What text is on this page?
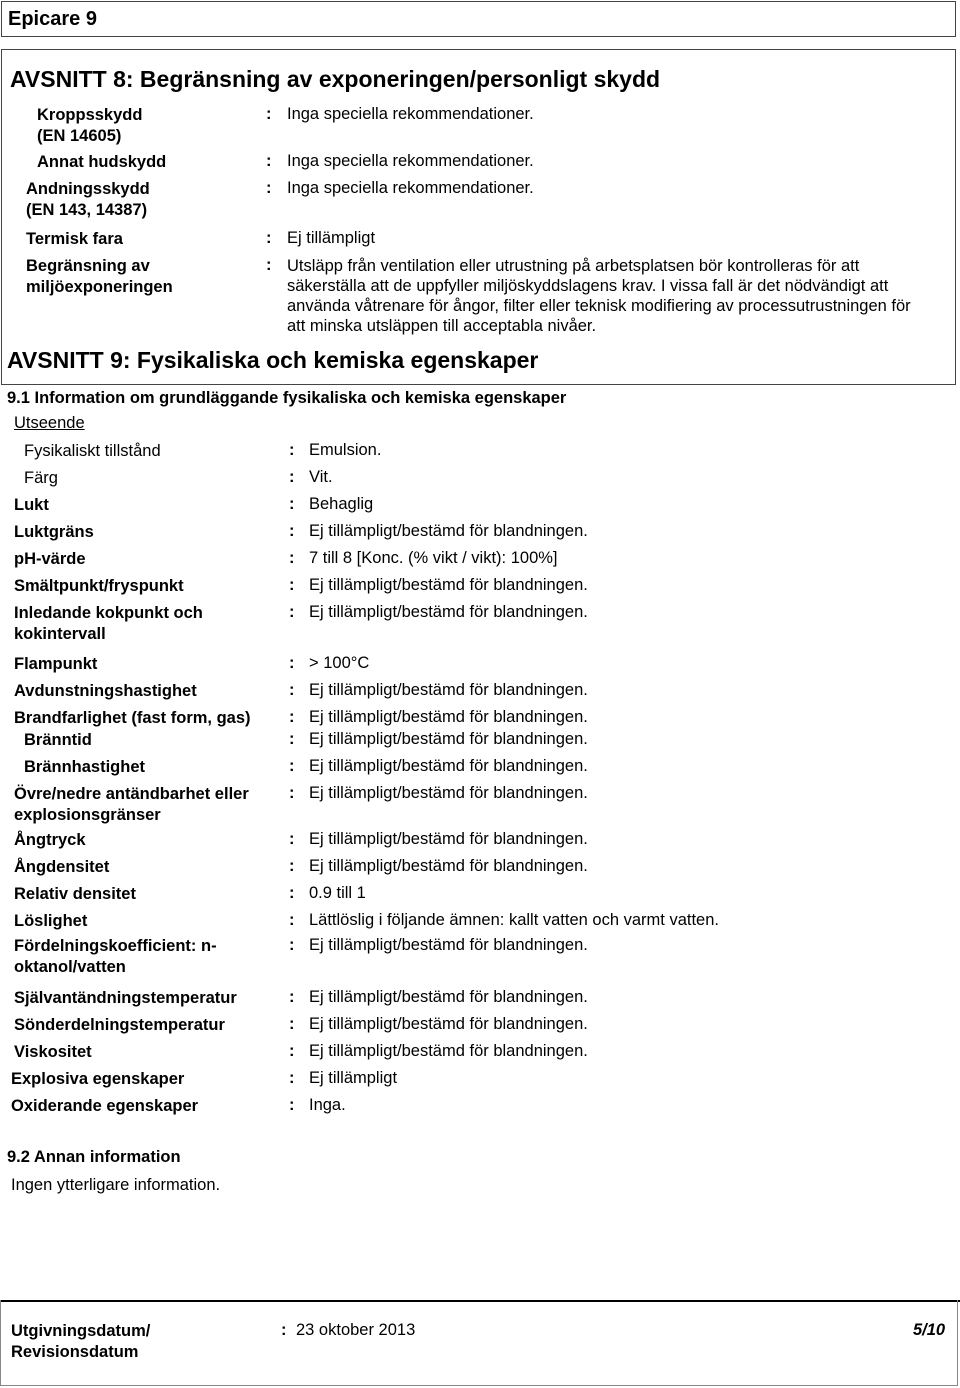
Epicare 9
AVSNITT 8: Begränsning av exponeringen/personligt skydd
Kroppsskydd
(EN 14605)
: Inga speciella rekommendationer.
Annat hudskydd	: Inga speciella rekommendationer.
Andningsskydd
(EN 143, 14387)
: Inga speciella rekommendationer.
Termisk fara	: Ej tillämpligt
Begränsning av
miljöexponeringen
: Utsläpp från ventilation eller utrustning på arbetsplatsen bör kontrolleras för att säkerställa att de uppfyller miljöskyddslagens krav. I vissa fall är det nödvändigt att använda våtrenare för ångor, filter eller teknisk modifiering av processutrustningen för att minska utsläppen till acceptabla nivåer.
AVSNITT 9: Fysikaliska och kemiska egenskaper
9.1 Information om grundläggande fysikaliska och kemiska egenskaper
Utseende
Fysikaliskt tillstånd	: Emulsion.
Färg	: Vit.
Lukt	: Behaglig
Luktgräns	: Ej tillämpligt/bestämd för blandningen.
pH-värde	: 7 till 8 [Konc. (% vikt / vikt): 100%]
Smältpunkt/fryspunkt	: Ej tillämpligt/bestämd för blandningen.
Inledande kokpunkt och
kokintervall
: Ej tillämpligt/bestämd för blandningen.
Flampunkt	: > 100°C
Avdunstningshastighet	: Ej tillämpligt/bestämd för blandningen.
Brandfarlighet (fast form, gas) : Ej tillämpligt/bestämd för blandningen.
Bränntid	: Ej tillämpligt/bestämd för blandningen.
Brännhastighet	: Ej tillämpligt/bestämd för blandningen.
Övre/nedre antändbarhet eller
explosionsgränser
: Ej tillämpligt/bestämd för blandningen.
Ångtryck	: Ej tillämpligt/bestämd för blandningen.
Ångdensitet	: Ej tillämpligt/bestämd för blandningen.
Relativ densitet	: 0.9 till 1
Löslighet	: Lättlöslig i följande ämnen: kallt vatten och varmt vatten.
Fördelningskoefficient: n-
oktanol/vatten
: Ej tillämpligt/bestämd för blandningen.
Självantändningstemperatur	: Ej tillämpligt/bestämd för blandningen.
Sönderdelningstemperatur	: Ej tillämpligt/bestämd för blandningen.
Viskositet	: Ej tillämpligt/bestämd för blandningen.
Explosiva egenskaper	: Ej tillämpligt
Oxiderande egenskaper	: Inga.
9.2 Annan information
Ingen ytterligare information.
Utgivningsdatum/
Revisionsdatum
: 23 oktober 2013	5/10
